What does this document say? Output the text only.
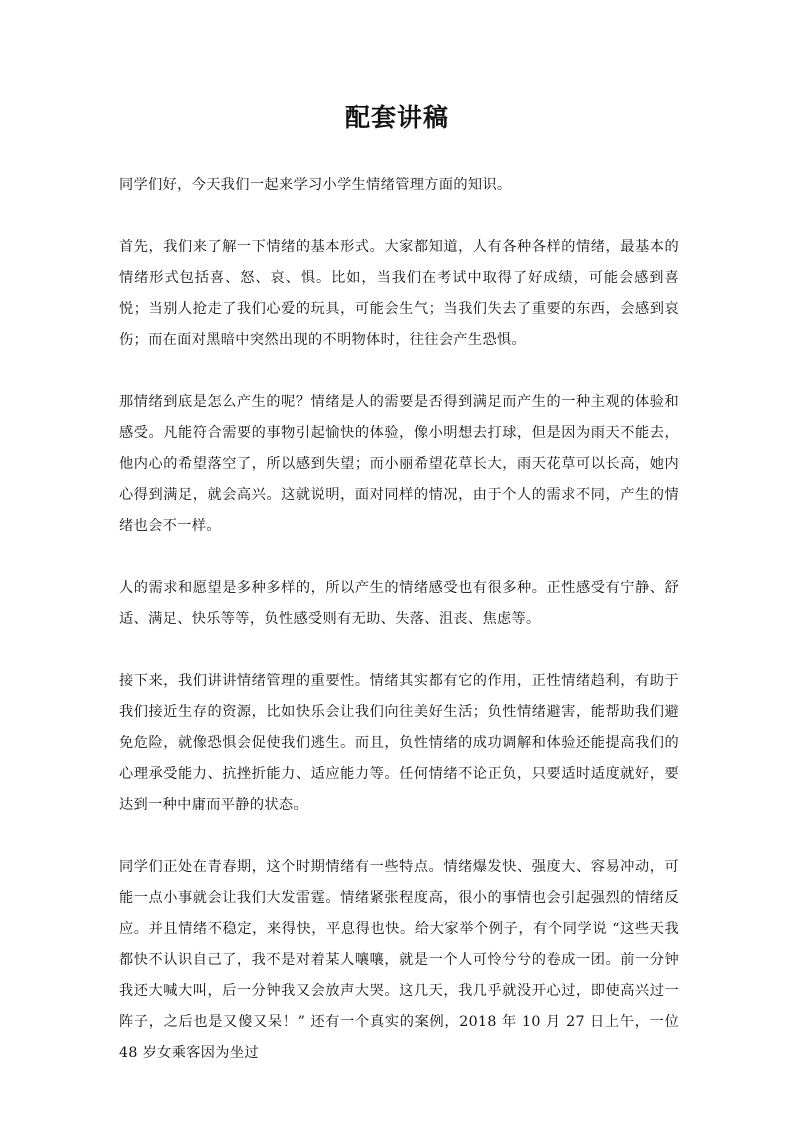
配套讲稿

同学们好，今天我们一起来学习小学生情绪管理方面的知识。

首先，我们来了解一下情绪的基本形式。大家都知道，人有各种各样的情绪，最基本的情绪形式包括喜、怒、哀、惧。比如，当我们在考试中取得了好成绩，可能会感到喜悦；当别人抢走了我们心爱的玩具，可能会生气；当我们失去了重要的东西，会感到哀伤；而在面对黑暗中突然出现的不明物体时，往往会产生恐惧。

那情绪到底是怎么产生的呢？情绪是人的需要是否得到满足而产生的一种主观的体验和感受。凡能符合需要的事物引起愉快的体验，像小明想去打球，但是因为雨天不能去，他内心的希望落空了，所以感到失望；而小丽希望花草长大，雨天花草可以长高，她内心得到满足，就会高兴。这就说明，面对同样的情况，由于个人的需求不同，产生的情绪也会不一样。

人的需求和愿望是多种多样的，所以产生的情绪感受也有很多种。正性感受有宁静、舒适、满足、快乐等等，负性感受则有无助、失落、沮丧、焦虑等。

接下来，我们讲讲情绪管理的重要性。情绪其实都有它的作用，正性情绪趋利，有助于我们接近生存的资源，比如快乐会让我们向往美好生活；负性情绪避害，能帮助我们避免危险，就像恐惧会促使我们逃生。而且，负性情绪的成功调解和体验还能提高我们的心理承受能力、抗挫折能力、适应能力等。任何情绪不论正负，只要适时适度就好，要达到一种中庸而平静的状态。

同学们正处在青春期，这个时期情绪有一些特点。情绪爆发快、强度大、容易冲动，可能一点小事就会让我们大发雷霆。情绪紧张程度高，很小的事情也会引起强烈的情绪反应。并且情绪不稳定，来得快，平息得也快。给大家举个例子，有个同学说 “这些天我都快不认识自己了，我不是对着某人嚷嚷，就是一个人可怜兮兮的卷成一团。前一分钟我还大喊大叫，后一分钟我又会放声大哭。这几天，我几乎就没开心过，即使高兴过一阵子，之后也是又傻又呆！” 还有一个真实的案例，2018 年 10 月 27 日上午，一位 48 岁女乘客因为坐过
